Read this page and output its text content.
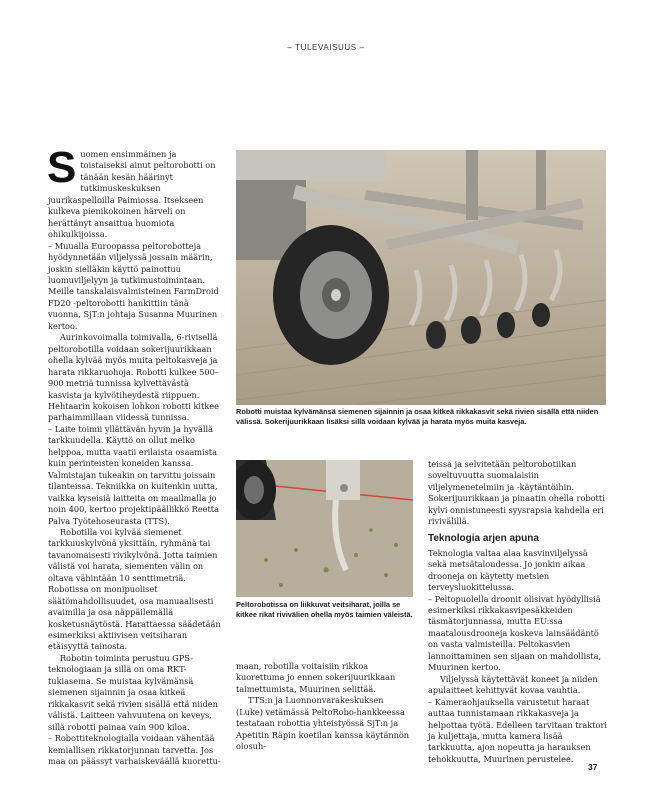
– TULEVAISUUS –
S uomen ensimmäinen ja toistaiseksi ainut peltorobotti on tänään kesän häärinyt tutkimuskeskuksen juurikaspelloilla Paimiossa. Itsekseen kulkeva pienikokoinen härveli on herättänyt ansaittua huomiota ohikulkijoissa.

– Muualla Euroopassa peltorobotteja hyödynnetään viljelyssä jossain määrin, joskin sielläkin käyttö painottuu luomuviljelyyn ja tutkimustoimintaan. Meille tanskalaisvalmisteinen FarmDroid FD20 -peltorobotti hankittiin tänä vuonna, SjT:n johtaja Susanna Muurinen kertoo.

Aurinkovoimalla toimivalla, 6-rivisellä peltorobotilla voidaan sokerijuurikkaan ohella kylvää myös muita peltokasveja ja harata rikkaruohoja. Robotti kulkee 500–900 metriä tunnissa kylvettävästä kasvista ja kylvötiheydestä riippuen. Hehtaarin kokoisen lohkon robotti kitkee parhaimmillaan viidessä tunnissa.

– Laite toimii yllättävän hyvin ja hyvällä tarkkuudella. Käyttö on ollut melko helppoa, mutta vaatii erilaista osaamista kuin perinteisten koneiden kanssa. Valmistajan tukeakin on tarvittu joissain tilanteissa. Tekniikka on kuitenkin uutta, vaikka kyseisiä laitteita on maailmalla jo noin 400, kertoo projektipäällikkö Reetta Palva Työtehoseurasta (TTS).

Robotilla voi kylvää siemenet tarkkuuskylvönä yksittäin, ryhmänä tai tavanomaisesti rivikylvönä. Jotta taimien välistä voi harata, siementen välin on oltava vähintään 10 senttimetriä. Robotissa on monipuoliset säätömahdollisuudet, osa manuaalisesti avaimilla ja osa näppäilemällä kosketusnäytöstä. Harattaessa säädetään esimerkiksi aktiivisen veitsiharan etäisyyttä tainosta.

Robotin toiminta perustuu GPS-teknologiaan ja sillä on oma RKT-tukiasema. Se muistaa kylvämänsä siemenen sijainnin ja osaa kitkeä rikkakasvit sekä rivien sisällä että niiden välistä. Laitteen vahvuutena on keveys, sillä robotti painaa vain 900 kiloa.

– Robottiteknologialla voidaan vähentää kemiallisen rikkatorjunnan tarvetta. Jos maa on päässyt varhaiskeväällä kuorettu-

Robotti muistaa kylvämänsä siemenen sijainnin ja osaa kitkeä rikkakasvit sekä rivien sisällä että niiden välissä. Sokerijuurikkaan lisäksi sillä voidaan kylvää ja harata myös muita kasveja.
Peltorobotissa on liikkuvat veitsiharat, joilla se kitkee rikat rivivälien ohella myös taimien väleistä.

maan, robotilla voitaisiin rikkoa kuorettuma jo ennen sokerijuurikkaan taimettumista, Muurinen selittää.

TTS:n ja Luonnonvarakeskuksen (Luke) vetämässä PeltoRobo-hankkeessa testataan robottia yhteistyössä SjT:n ja Apetitin Räpin koetilan kanssa käytännön olosuh-

teissa ja selvitetään peltorobotiikan soveltuvuutta suomalaisiin viljelymenetelmiin ja -käytäntöihin. Sokerijuurikkaan ja pinaatin ohella robotti kylvi onnistuneesti syysrapsia kahdella eri rivivälillä.

Teknologia arjen apuna

Teknologia valtaa alaa kasvinviljelyssä sekä metsätaloudessa. Jo jonkin aikaa drooneja on käytetty metsien terveysluokittelussa.

– Peltopuolella droonit olisivat hyödyllisiä esimerkiksi rikkakasvipesäkkeiden täsmätorjunnassa, mutta EU:ssa maatalousdrooneja koskeva lainsäädäntö on vasta valmisteilla. Peltokasvien lannoittaminen sen sijaan on mahdollista, Muurinen kertoo.

Viljelyssä käytettävät koneet ja niiden apulaitteet kehittyvät kovaa vauhtia.

– Kameraohjauksella varustetut haraat auttaa tunnistamaan rikkakasveja ja helpottaa työtä. Edelleen tarvitaan traktori ja kuljettaja, mutta kamera lisää tarkkuutta, ajon nopeutta ja harauksen tehokkuutta, Muurinen perustelee.

37
